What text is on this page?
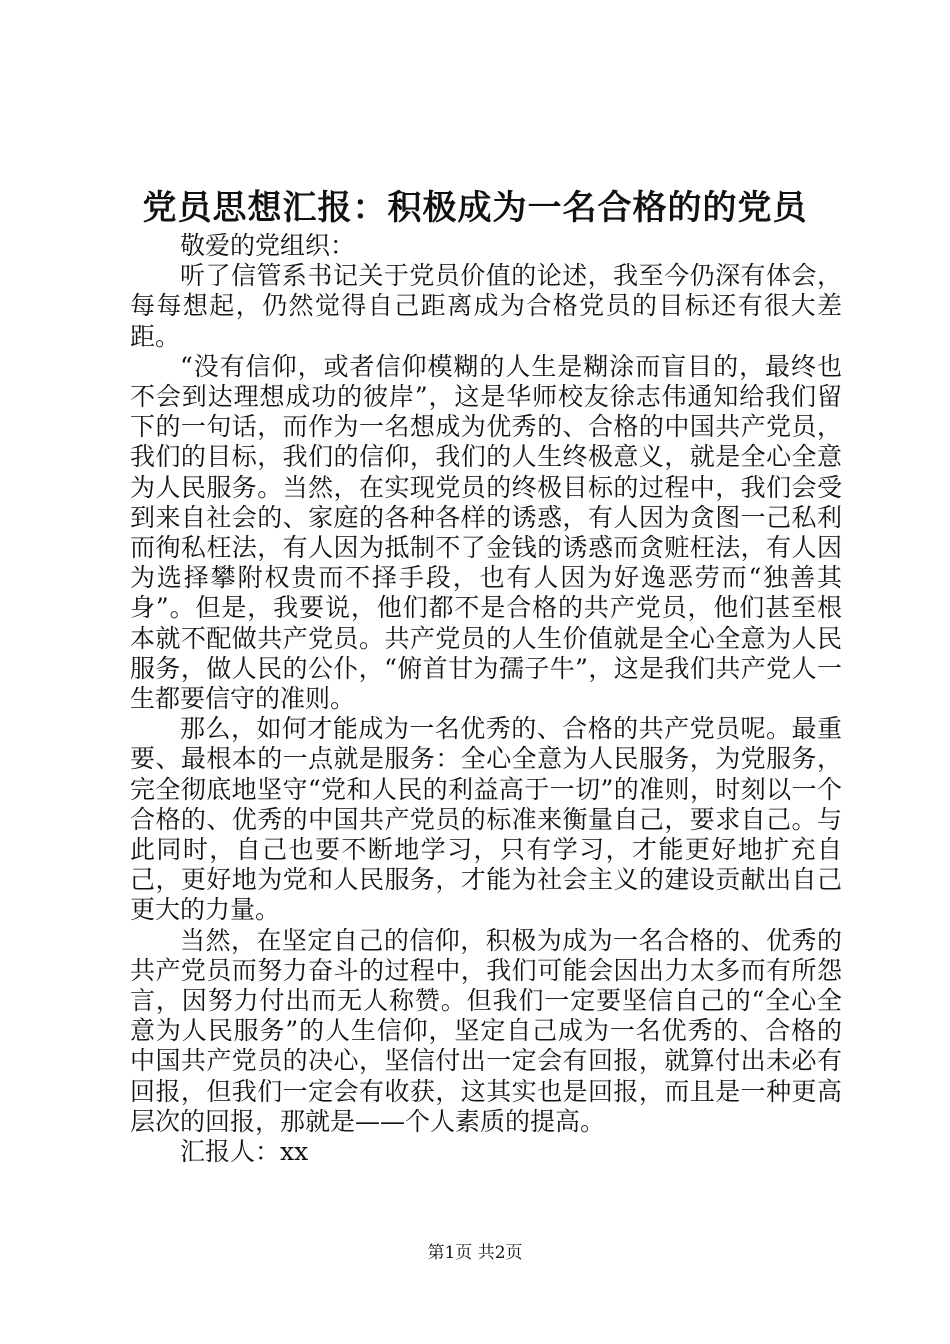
党员思想汇报：积极成为一名合格的的党员

敬爱的党组织：

听了信管系书记关于党员价值的论述，我至今仍深有体会，每每想起，仍然觉得自己距离成为合格党员的目标还有很大差距。

“没有信仰，或者信仰模糊的人生是糊涂而盲目的，最终也不会到达理想成功的彼岸”，这是华师校友徐志伟通知给我们留下的一句话，而作为一名想成为优秀的、合格的中国共产党员，我们的目标，我们的信仰，我们的人生终极意义，就是全心全意为人民服务。当然，在实现党员的终极目标的过程中，我们会受到来自社会的、家庭的各种各样的诱惑，有人因为贪图一己私利而徇私枉法，有人因为抵制不了金钱的诱惑而贪赃枉法，有人因为选择攀附权贵而不择手段，也有人因为好逸恶劳而“独善其身”。但是，我要说，他们都不是合格的共产党员，他们甚至根本就不配做共产党员。共产党员的人生价值就是全心全意为人民服务，做人民的公仆，“俯首甘为孺子牛”，这是我们共产党人一生都要信守的准则。

那么，如何才能成为一名优秀的、合格的共产党员呢。最重要、最根本的一点就是服务：全心全意为人民服务，为党服务，完全彻底地坚守“党和人民的利益高于一切”的准则，时刻以一个合格的、优秀的中国共产党员的标准来衡量自己，要求自己。与此同时，自己也要不断地学习，只有学习，才能更好地扩充自己，更好地为党和人民服务，才能为社会主义的建设贡献出自己更大的力量。

当然，在坚定自己的信仰，积极为成为一名合格的、优秀的共产党员而努力奋斗的过程中，我们可能会因出力太多而有所怨言，因努力付出而无人称赞。但我们一定要坚信自己的“全心全意为人民服务”的人生信仰，坚定自己成为一名优秀的、合格的中国共产党员的决心，坚信付出一定会有回报，就算付出未必有回报，但我们一定会有收获，这其实也是回报，而且是一种更高层次的回报，那就是——个人素质的提高。

汇报人：xx

第1页 共2页
